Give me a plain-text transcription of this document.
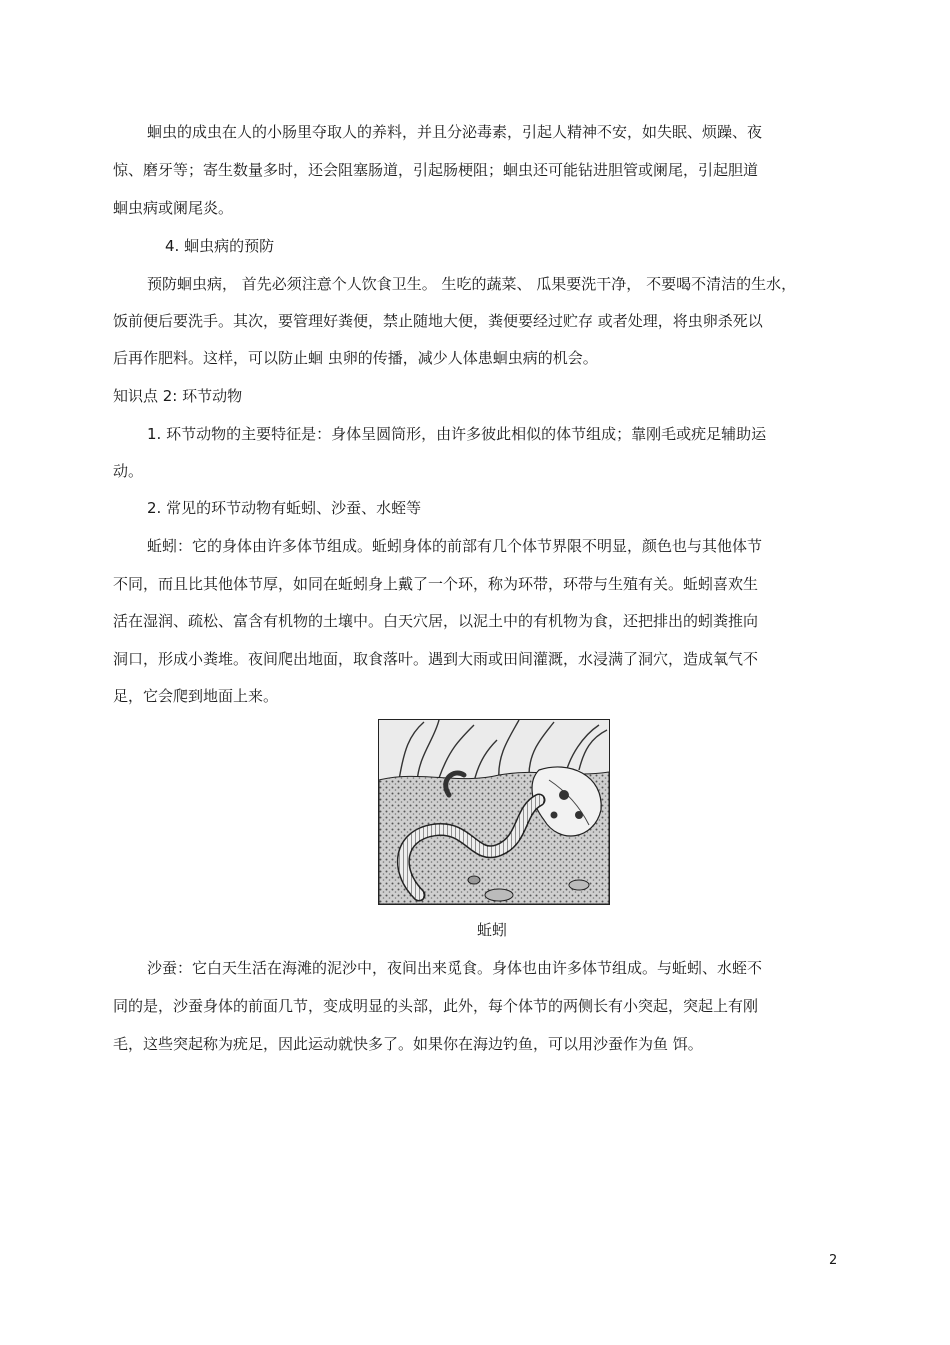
蛔虫的成虫在人的小肠里夺取人的养料，并且分泌毒素，引起人精神不安，如失眠、烦躁、夜
惊、磨牙等；寄生数量多时，还会阻塞肠道，引起肠梗阻；蛔虫还可能钻进胆管或阑尾，引起胆道
蛔虫病或阑尾炎。
4. 蛔虫病的预防
预防蛔虫病， 首先必须注意个人饮食卫生。 生吃的蔬菜、 瓜果要洗干净， 不要喝不清洁的生水，
饭前便后要洗手。其次，要管理好粪便，禁止随地大便，粪便要经过贮存 或者处理，将虫卵杀死以
后再作肥料。这样，可以防止蛔 虫卵的传播，减少人体患蛔虫病的机会。
知识点 2: 环节动物
1. 环节动物的主要特征是：身体呈圆筒形，由许多彼此相似的体节组成；靠刚毛或疣足辅助运
动。
2. 常见的环节动物有蚯蚓、沙蚕、水蛭等
蚯蚓：它的身体由许多体节组成。蚯蚓身体的前部有几个体节界限不明显，颜色也与其他体节
不同，而且比其他体节厚，如同在蚯蚓身上戴了一个环，称为环带，环带与生殖有关。蚯蚓喜欢生
活在湿润、疏松、富含有机物的土壤中。白天穴居，以泥土中的有机物为食，还把排出的蚓粪推向
洞口，形成小粪堆。夜间爬出地面，取食落叶。遇到大雨或田间灌溉，水浸满了洞穴，造成氧气不
足，它会爬到地面上来。
蚯蚓
沙蚕：它白天生活在海滩的泥沙中，夜间出来觅食。身体也由许多体节组成。与蚯蚓、水蛭不
同的是，沙蚕身体的前面几节，变成明显的头部，此外，每个体节的两侧长有小突起，突起上有刚
毛，这些突起称为疣足，因此运动就快多了。如果你在海边钓鱼，可以用沙蚕作为鱼 饵。
2
